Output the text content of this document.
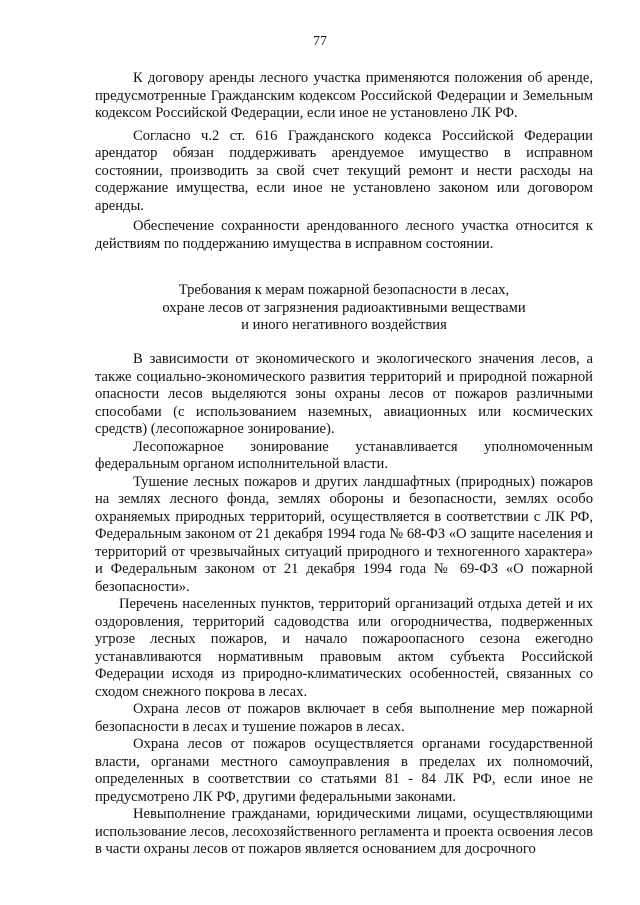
77

К договору аренды лесного участка применяются положения об аренде, предусмотренные Гражданским кодексом Российской Федерации и Земельным кодексом Российской Федерации, если иное не установлено ЛК РФ.

Согласно ч.2 ст. 616 Гражданского кодекса Российской Федерации арендатор обязан поддерживать арендуемое имущество в исправном состоянии, производить за свой счет текущий ремонт и нести расходы на содержание имущества, если иное не установлено законом или договором аренды.

Обеспечение сохранности арендованного лесного участка относится к действиям по поддержанию имущества в исправном состоянии.

Требования к мерам пожарной безопасности в лесах,

охране лесов от загрязнения радиоактивными веществами

и иного негативного воздействия

В зависимости от экономического и экологического значения лесов, а также социально-экономического развития территорий и природной пожарной опасности лесов выделяются зоны охраны лесов от пожаров различными способами (с использованием наземных, авиационных или космических средств) (лесопожарное зонирование).

Лесопожарное зонирование устанавливается уполномоченным федеральным органом исполнительной власти.

Тушение лесных пожаров и других ландшафтных (природных) пожаров на землях лесного фонда, землях обороны и безопасности, землях особо охраняемых природных территорий, осуществляется в соответствии с ЛК РФ, Федеральным законом от 21 декабря 1994 года № 68-ФЗ «О защите населения и территорий от чрезвычайных ситуаций природного и техногенного характера» и Федеральным законом от 21 декабря 1994 года № 69-ФЗ «О пожарной безопасности».

Перечень населенных пунктов, территорий организаций отдыха детей и их оздоровления, территорий садоводства или огородничества, подверженных угрозе лесных пожаров, и начало пожароопасного сезона ежегодно устанавливаются нормативным правовым актом субъекта Российской Федерации исходя из природно-климатических особенностей, связанных со сходом снежного покрова в лесах.

Охрана лесов от пожаров включает в себя выполнение мер пожарной безопасности в лесах и тушение пожаров в лесах.

Охрана лесов от пожаров осуществляется органами государственной власти, органами местного самоуправления в пределах их полномочий, определенных в соответствии со статьями 81 - 84 ЛК РФ, если иное не предусмотрено ЛК РФ, другими федеральными законами.

Невыполнение гражданами, юридическими лицами, осуществляющими использование лесов, лесохозяйственного регламента и проекта освоения лесов в части охраны лесов от пожаров является основанием для досрочного
